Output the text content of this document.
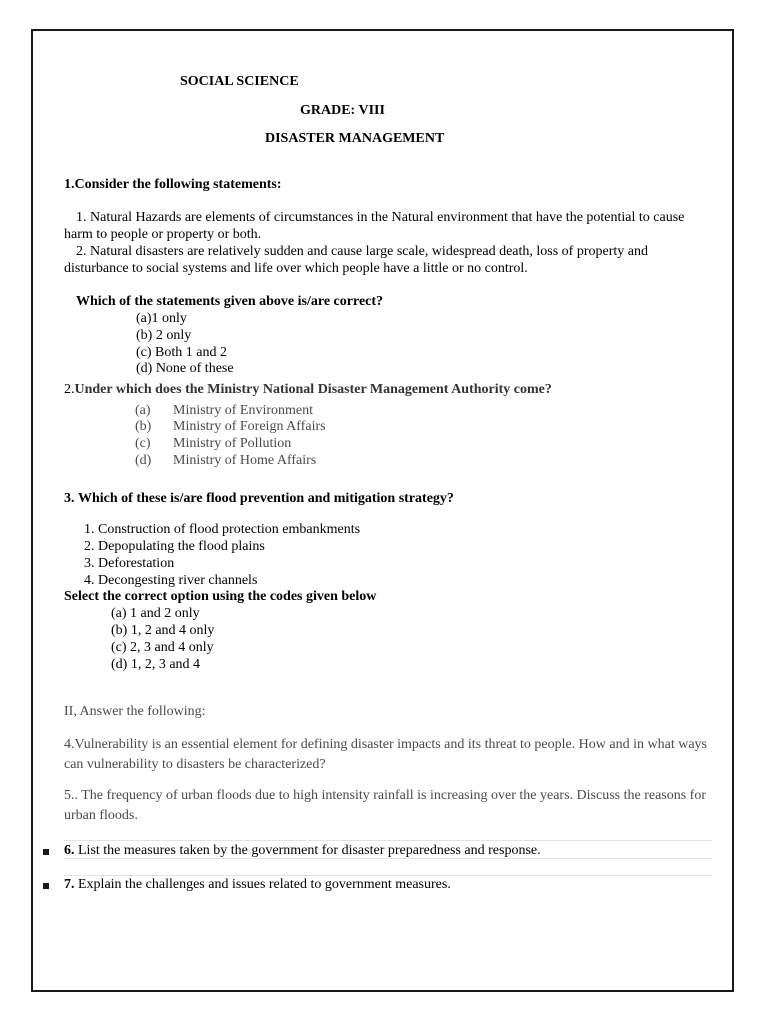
SOCIAL SCIENCE
GRADE: VIII
DISASTER MANAGEMENT
1.Consider the following statements:
1. Natural Hazards are elements of circumstances in the Natural environment that have the potential to cause harm to people or property or both.
2. Natural disasters are relatively sudden and cause large scale, widespread death, loss of property and disturbance to social systems and life over which people have a little or no control.
Which of the statements given above is/are correct?
(a)1 only
(b) 2 only
(c) Both 1 and 2
(d) None of these
2.Under which does the Ministry National Disaster Management Authority come?
(a) Ministry of Environment
(b) Ministry of Foreign Affairs
(c) Ministry of Pollution
(d) Ministry of Home Affairs
3. Which of these is/are flood prevention and mitigation strategy?
1. Construction of flood protection embankments
2. Depopulating the flood plains
3. Deforestation
4. Decongesting river channels
Select the correct option using the codes given below
(a) 1 and 2 only
(b) 1, 2 and 4 only
(c) 2, 3 and 4 only
(d) 1, 2, 3 and 4
II, Answer the following:
4.Vulnerability is an essential element for defining disaster impacts and its threat to people. How and in what ways can vulnerability to disasters be characterized?
5.. The frequency of urban floods due to high intensity rainfall is increasing over the years. Discuss the reasons for urban floods.
6. List the measures taken by the government for disaster preparedness and response.
7. Explain the challenges and issues related to government measures.
